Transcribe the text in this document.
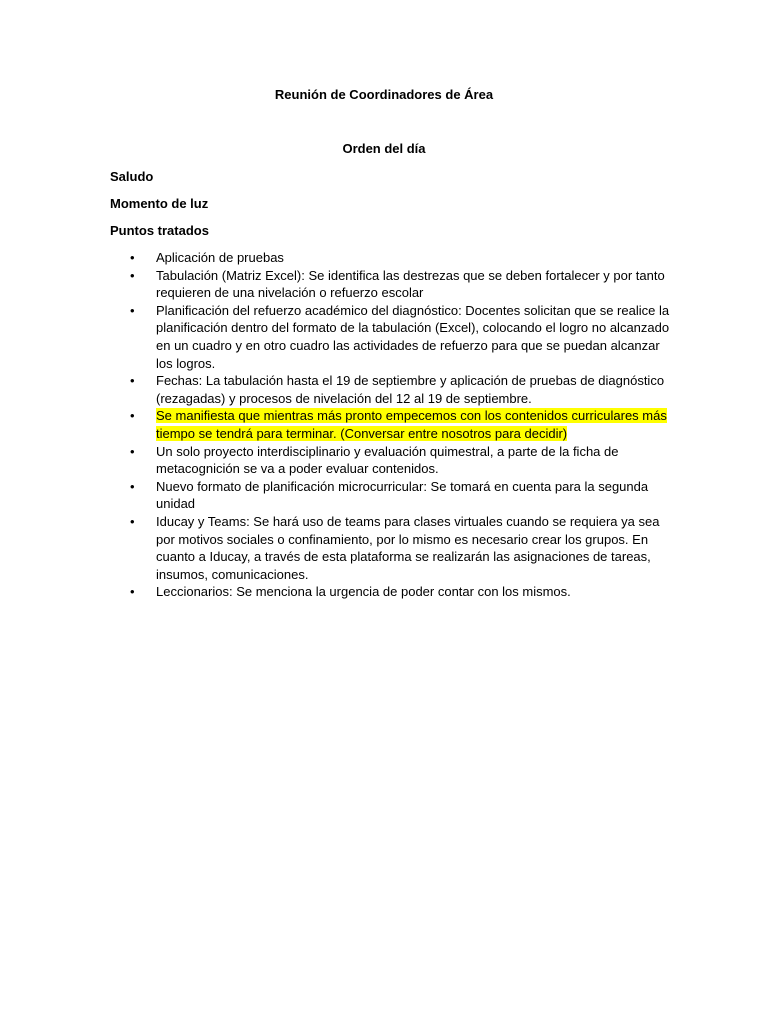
Reunión de Coordinadores de Área
Orden del día
Saludo
Momento de luz
Puntos tratados
• Aplicación de pruebas
• Tabulación (Matriz Excel): Se identifica las destrezas que se deben fortalecer y por tanto requieren de una nivelación o refuerzo escolar
• Planificación del refuerzo académico del diagnóstico: Docentes solicitan que se realice la planificación dentro del formato de la tabulación (Excel), colocando el logro no alcanzado en un cuadro y en otro cuadro las actividades de refuerzo para que se puedan alcanzar los logros.
• Fechas: La tabulación hasta el 19 de septiembre y aplicación de pruebas de diagnóstico (rezagadas) y procesos de nivelación del 12 al 19 de septiembre.
• Se manifiesta que mientras más pronto empecemos con los contenidos curriculares más tiempo se tendrá para terminar. (Conversar entre nosotros para decidir)
• Un solo proyecto interdisciplinario y evaluación quimestral, a parte de la ficha de metacognición se va a poder evaluar contenidos.
• Nuevo formato de planificación microcurricular: Se tomará en cuenta para la segunda unidad
• Iducay y Teams: Se hará uso de teams para clases virtuales cuando se requiera ya sea por motivos sociales o confinamiento, por lo mismo es necesario crear los grupos. En cuanto a Iducay, a través de esta plataforma se realizarán las asignaciones de tareas, insumos, comunicaciones.
• Leccionarios: Se menciona la urgencia de poder contar con los mismos.
